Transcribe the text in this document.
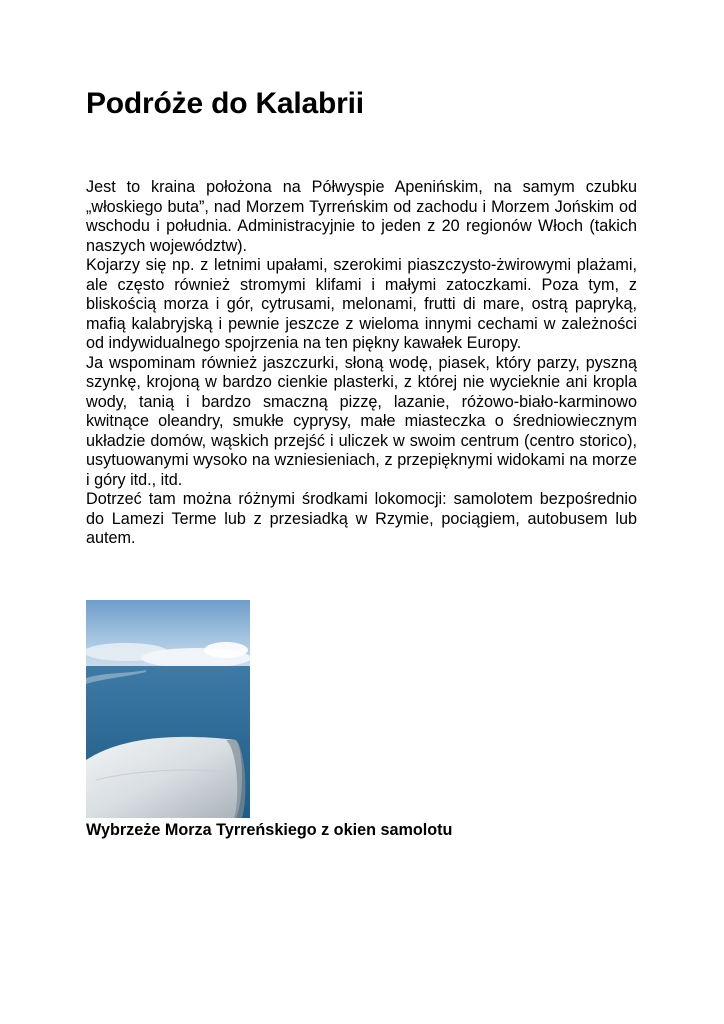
Podróże do Kalabrii

Jest to kraina położona na Półwyspie Apenińskim, na samym czubku „włoskiego buta”, nad Morzem Tyrreńskim od zachodu i Morzem Jońskim od wschodu i południa. Administracyjnie to jeden z 20 regionów Włoch (takich naszych województw).

Kojarzy się np. z letnimi upałami, szerokimi piaszczysto-żwirowymi plażami, ale często również stromymi klifami i małymi zatoczkami. Poza tym, z bliskością morza i gór, cytrusami, melonami, frutti di mare, ostrą papryką, mafią kalabryjską i pewnie jeszcze z wieloma innymi cechami w zależności od indywidualnego spojrzenia na ten piękny kawałek Europy.

Ja wspominam również jaszczurki, słoną wodę, piasek, który parzy, pyszną szynkę, krojoną w bardzo cienkie plasterki, z której nie wycieknie ani kropla wody, tanią i bardzo smaczną pizzę, lazanie, różowo-biało-karminowo kwitnące oleandry, smukłe cyprysy, małe miasteczka o średniowiecznym układzie domów, wąskich przejść i uliczek w swoim centrum (centro storico), usytuowanymi wysoko na wzniesieniach, z przepięknymi widokami na morze i góry itd., itd.

Dotrzeć tam można różnymi środkami lokomocji: samolotem bezpośrednio do Lamezi Terme lub z przesiadką w Rzymie, pociągiem, autobusem lub autem.

Wybrzeże Morza Tyrreńskiego z okien samolotu
